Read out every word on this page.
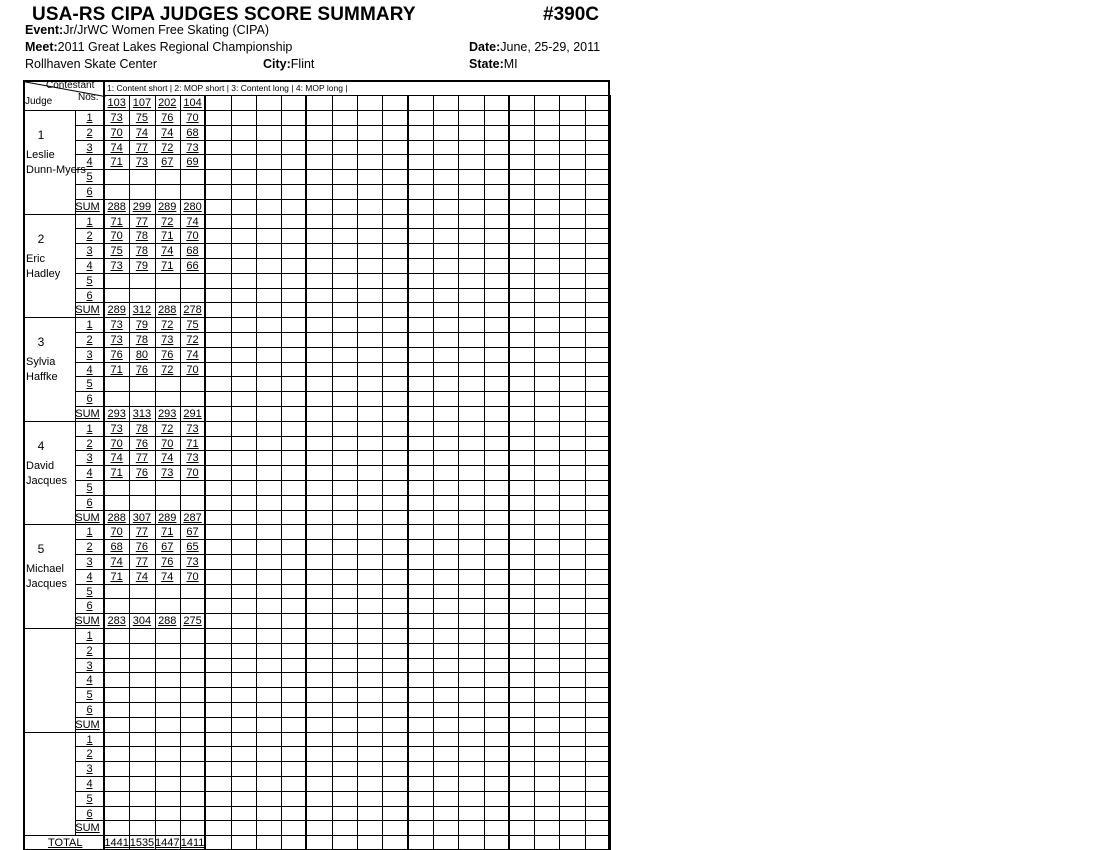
USA-RS CIPA JUDGES SCORE SUMMARY	#390C
Event:Jr/JrWC Women Free Skating (CIPA)
Meet:2011 Great Lakes Regional Championship	Date:June, 25-29, 2011
Rollhaven Skate Center	City:Flint	State:MI
103 107 202 104
1
Leslie
Dunn-Myers
1	73	75	76	70
2	70	74	74	68
3	74	77	72	73
4	71	73	67	69
5
6
SUM 288 299 289 280
2
Eric
Hadley
1	71	77	72	74
2	70	78	71	70
3	75	78	74	68
4	73	79	71	66
5
6
SUM 289 312 288 278
3
Sylvia
Haffke
1	73	79	72	75
2	73	78	73	72
3	76	80	76	74
4	71	76	72	70
5
6
SUM 293 313 293 291
4
David
Jacques
1	73	78	72	73
2	70	76	70	71
3	74	77	74	73
4	71	76	73	70
5
6
SUM 288 307 289 287
5
Michael
Jacques
1	70	77	71	67
2	68	76	67	65
3	74	77	76	73
4	71	74	74	70
5
6
SUM 283 304 288 275
1
2
3
4
5
6
SUM
1
2
3
4
5
6
SUM
1441 1535 1447 1411
Contestant
Nos.
Judge
1: Content short | 2: MOP short | 3: Content long | 4: MOP long |
TOTAL
